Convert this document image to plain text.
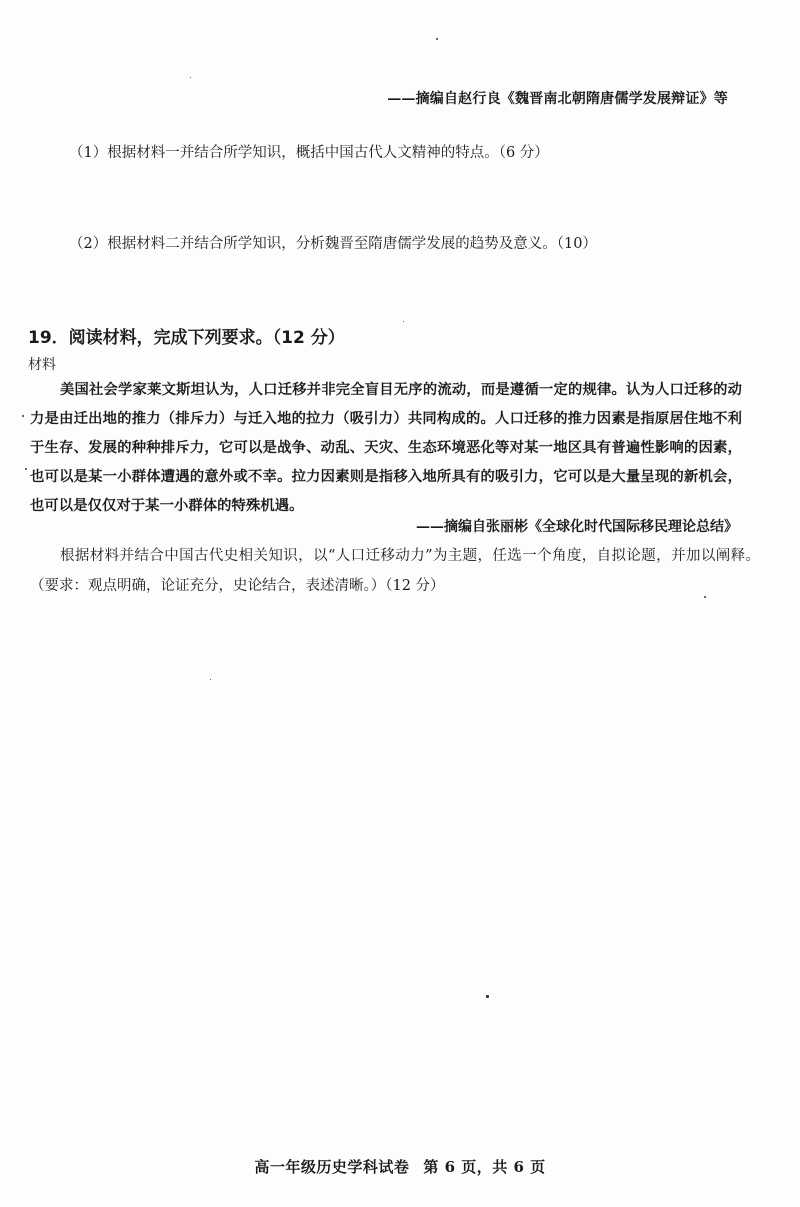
——摘编自赵行良《魏晋南北朝隋唐儒学发展辩证》等
（1）根据材料一并结合所学知识，概括中国古代人文精神的特点。（6 分）
（2）根据材料二并结合所学知识，分析魏晋至隋唐儒学发展的趋势及意义。（10）
19．阅读材料，完成下列要求。（12 分）
材料
美国社会学家莱文斯坦认为，人口迁移并非完全盲目无序的流动，而是遵循一定的规律。认为人口迁移的动力是由迁出地的推力（排斥力）与迁入地的拉力（吸引力）共同构成的。人口迁移的推力因素是指原居住地不利于生存、发展的种种排斥力，它可以是战争、动乱、天灾、生态环境恶化等对某一地区具有普遍性影响的因素，也可以是某一小群体遭遇的意外或不幸。拉力因素则是指移入地所具有的吸引力，它可以是大量呈现的新机会，也可以是仅仅对于某一小群体的特殊机遇。
——摘编自张丽彬《全球化时代国际移民理论总结》
根据材料并结合中国古代史相关知识，以“人口迁移动力”为主题，任选一个角度，自拟论题，并加以阐释。（要求：观点明确，论证充分，史论结合，表述清晰。）（12 分）
高一年级历史学科试卷 第 6 页，共 6 页
